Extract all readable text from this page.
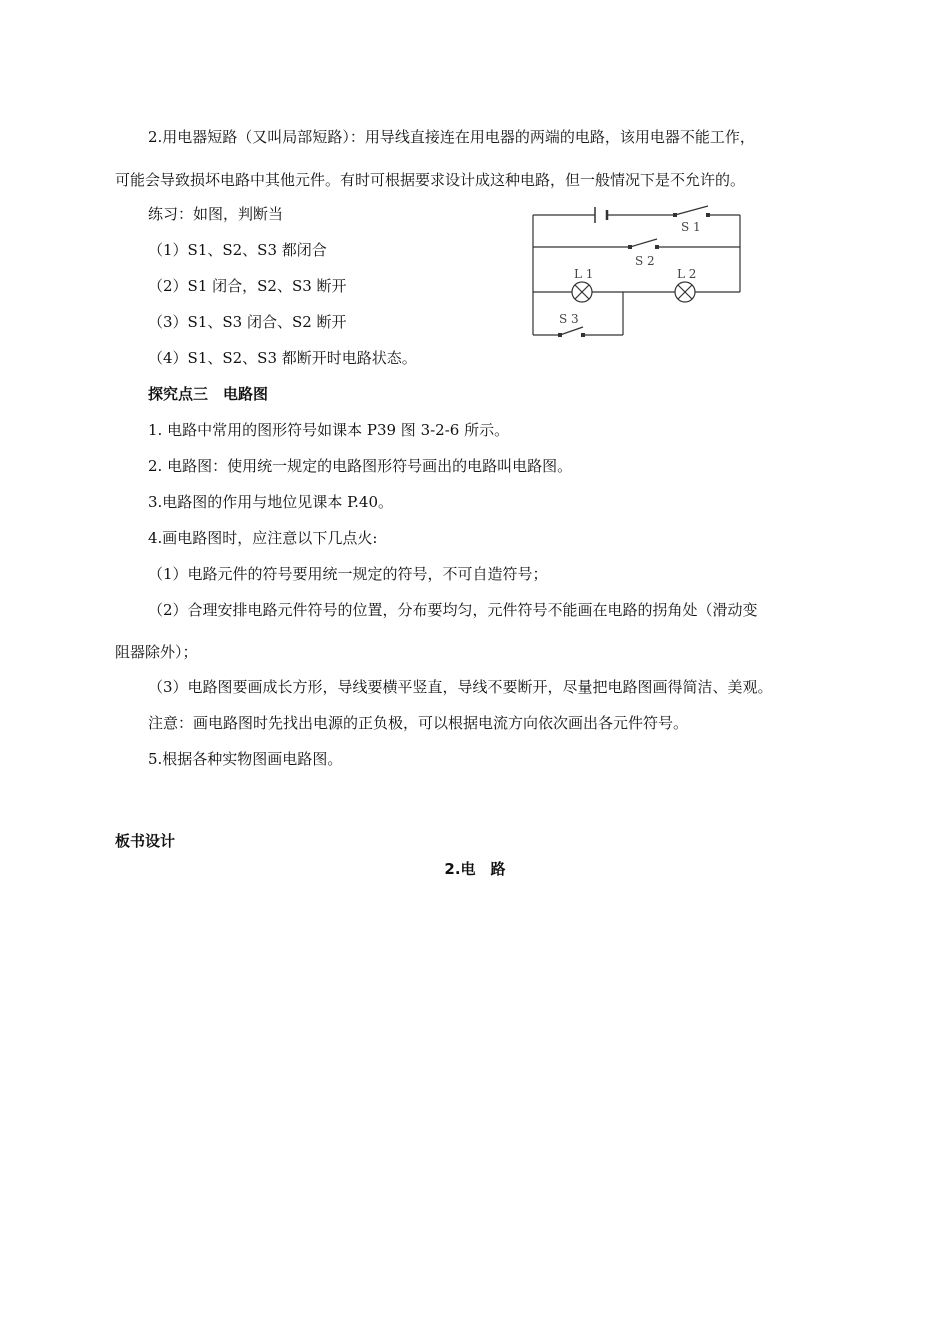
2.用电器短路（又叫局部短路）：用导线直接连在用电器的两端的电路，该用电器不能工作，
可能会导致损坏电路中其他元件。有时可根据要求设计成这种电路，但一般情况下是不允许的。
练习：如图，判断当
（1）S1、S2、S3 都闭合
（2）S1 闭合，S2、S3 断开
（3）S1、S3 闭合、S2 断开
（4）S1、S2、S3 都断开时电路状态。
S 1
S 2
L 1	L 2
S 3
探究点三　电路图
1. 电路中常用的图形符号如课本 P39 图 3-2-6 所示。
2. 电路图：使用统一规定的电路图形符号画出的电路叫电路图。
3.电路图的作用与地位见课本 P.40。
4.画电路图时，应注意以下几点火:
（1）电路元件的符号要用统一规定的符号，不可自造符号；
（2）合理安排电路元件符号的位置，分布要均匀，元件符号不能画在电路的拐角处（滑动变
阻器除外）；
（3）电路图要画成长方形，导线要横平竖直，导线不要断开，尽量把电路图画得简洁、美观。
注意：画电路图时先找出电源的正负极，可以根据电流方向依次画出各元件符号。
5.根据各种实物图画电路图。
板书设计
2.电　路
